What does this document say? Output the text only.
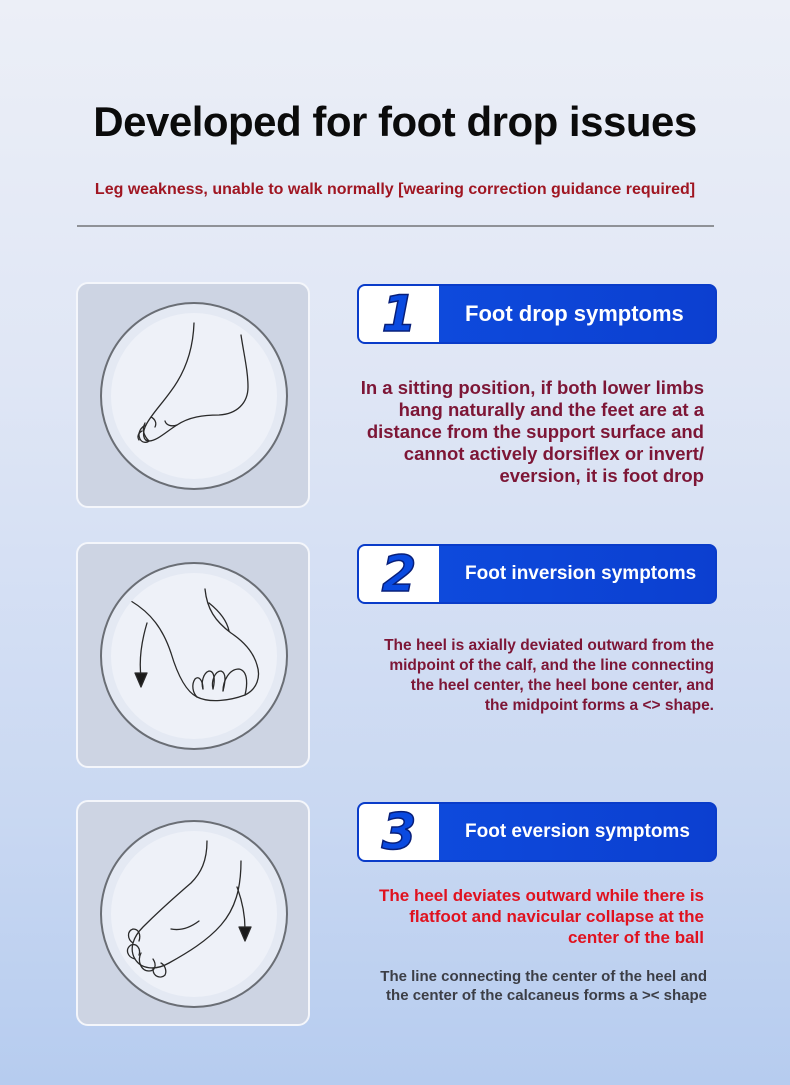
Developed for foot drop issues
Leg weakness, unable to walk normally [wearing correction guidance required]
1	Foot drop symptoms

In a sitting position, if both lower limbs
hang naturally and the feet are at a
distance from the support surface and
cannot actively dorsiflex or invert/
eversion, it is foot drop

2	Foot inversion symptoms

The heel is axially deviated outward from the
midpoint of the calf, and the line connecting
the heel center, the heel bone center, and
the midpoint forms a <> shape.

3	Foot eversion symptoms

The heel deviates outward while there is
flatfoot and navicular collapse at the
center of the ball

The line connecting the center of the heel and
the center of the calcaneus forms a >< shape
